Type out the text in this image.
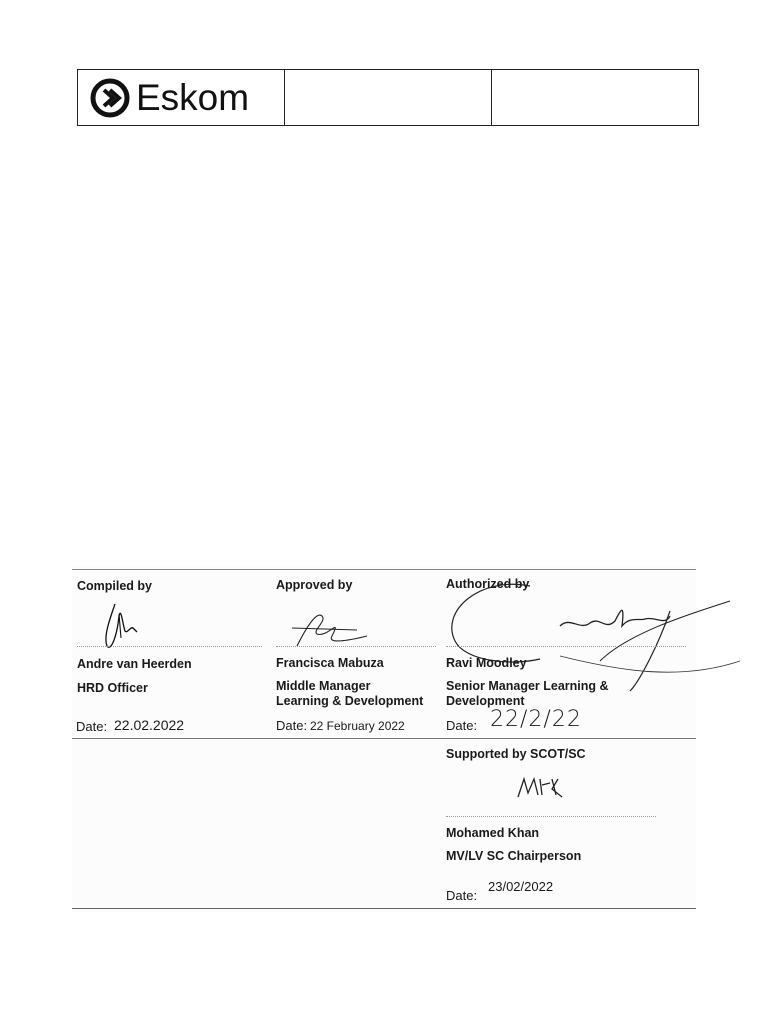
Eskom
Compiled by
Andre van Heerden
HRD Officer
Date: 22.02.2022
Approved by
Francisca Mabuza
Middle Manager
Learning & Development
Date: 22 February 2022
Authorized by
Ravi Moodley
Senior Manager Learning &
Development
Date: 22/2/22
Supported by SCOT/SC
Mohamed Khan
MV/LV SC Chairperson
Date:
23/02/2022
